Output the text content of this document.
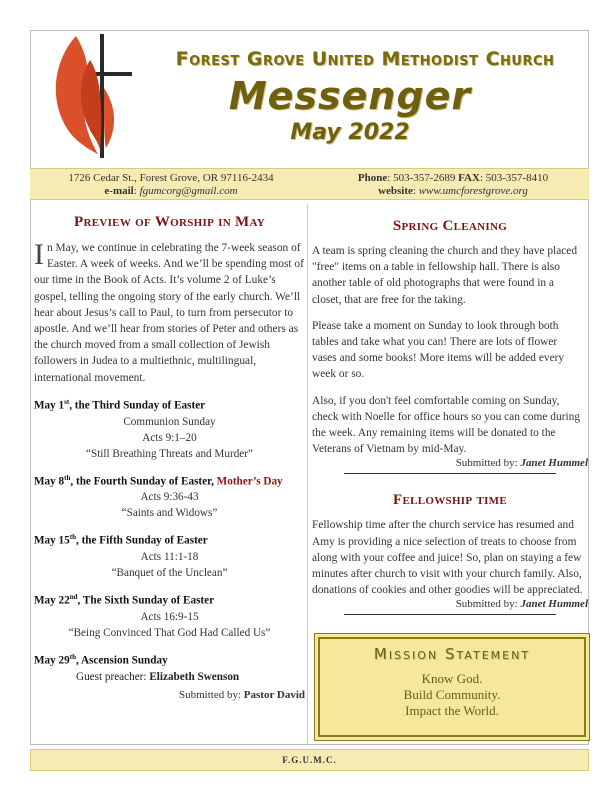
Forest Grove United Methodist Church
Messenger
May 2022
1726 Cedar St., Forest Grove, OR 97116-2434
e-mail: fgumcorg@gmail.com
Phone: 503-357-2689 FAX: 503-357-8410
website: www.umcforestgrove.org
Preview of Worship in May
In May, we continue in celebrating the 7-week season of Easter. A week of weeks. And we’ll be spending most of our time in the Book of Acts. It’s volume 2 of Luke’s gospel, telling the ongoing story of the early church. We’ll hear about Jesus’s call to Paul, to turn from persecutor to apostle. And we’ll hear from stories of Peter and others as the church moved from a small collection of Jewish followers in Judea to a multiethnic, multilingual, international movement.
May 1st, the Third Sunday of Easter
Communion Sunday
Acts 9:1–20
“Still Breathing Threats and Murder”
May 8th, the Fourth Sunday of Easter, Mother’s Day
Acts 9:36-43
“Saints and Widows”
May 15th, the Fifth Sunday of Easter
Acts 11:1-18
“Banquet of the Unclean”
May 22nd, The Sixth Sunday of Easter
Acts 16:9-15
“Being Convinced That God Had Called Us”
May 29th, Ascension Sunday
Guest preacher: Elizabeth Swenson
Submitted by: Pastor David
Spring Cleaning

A team is spring cleaning the church and they have placed "free" items on a table in fellowship hall. There is also another table of old photographs that were found in a closet, that are free for the taking.

Please take a moment on Sunday to look through both tables and take what you can! There are lots of flower vases and some books! More items will be added every week or so.

Also, if you don't feel comfortable coming on Sunday, check with Noelle for office hours so you can come during the week. Any remaining items will be donated to the Veterans of Vietnam by mid-May.

Submitted by: Janet Hummel
Fellowship time
Fellowship time after the church service has resumed and Amy is providing a nice selection of treats to choose from along with your coffee and juice! So, plan on staying a few minutes after church to visit with your church family. Also, donations of cookies and other goodies will be appreciated.
Submitted by: Janet Hummel
Mission Statement
Know God.
Build Community.
Impact the World.
F.G.U.M.C.
